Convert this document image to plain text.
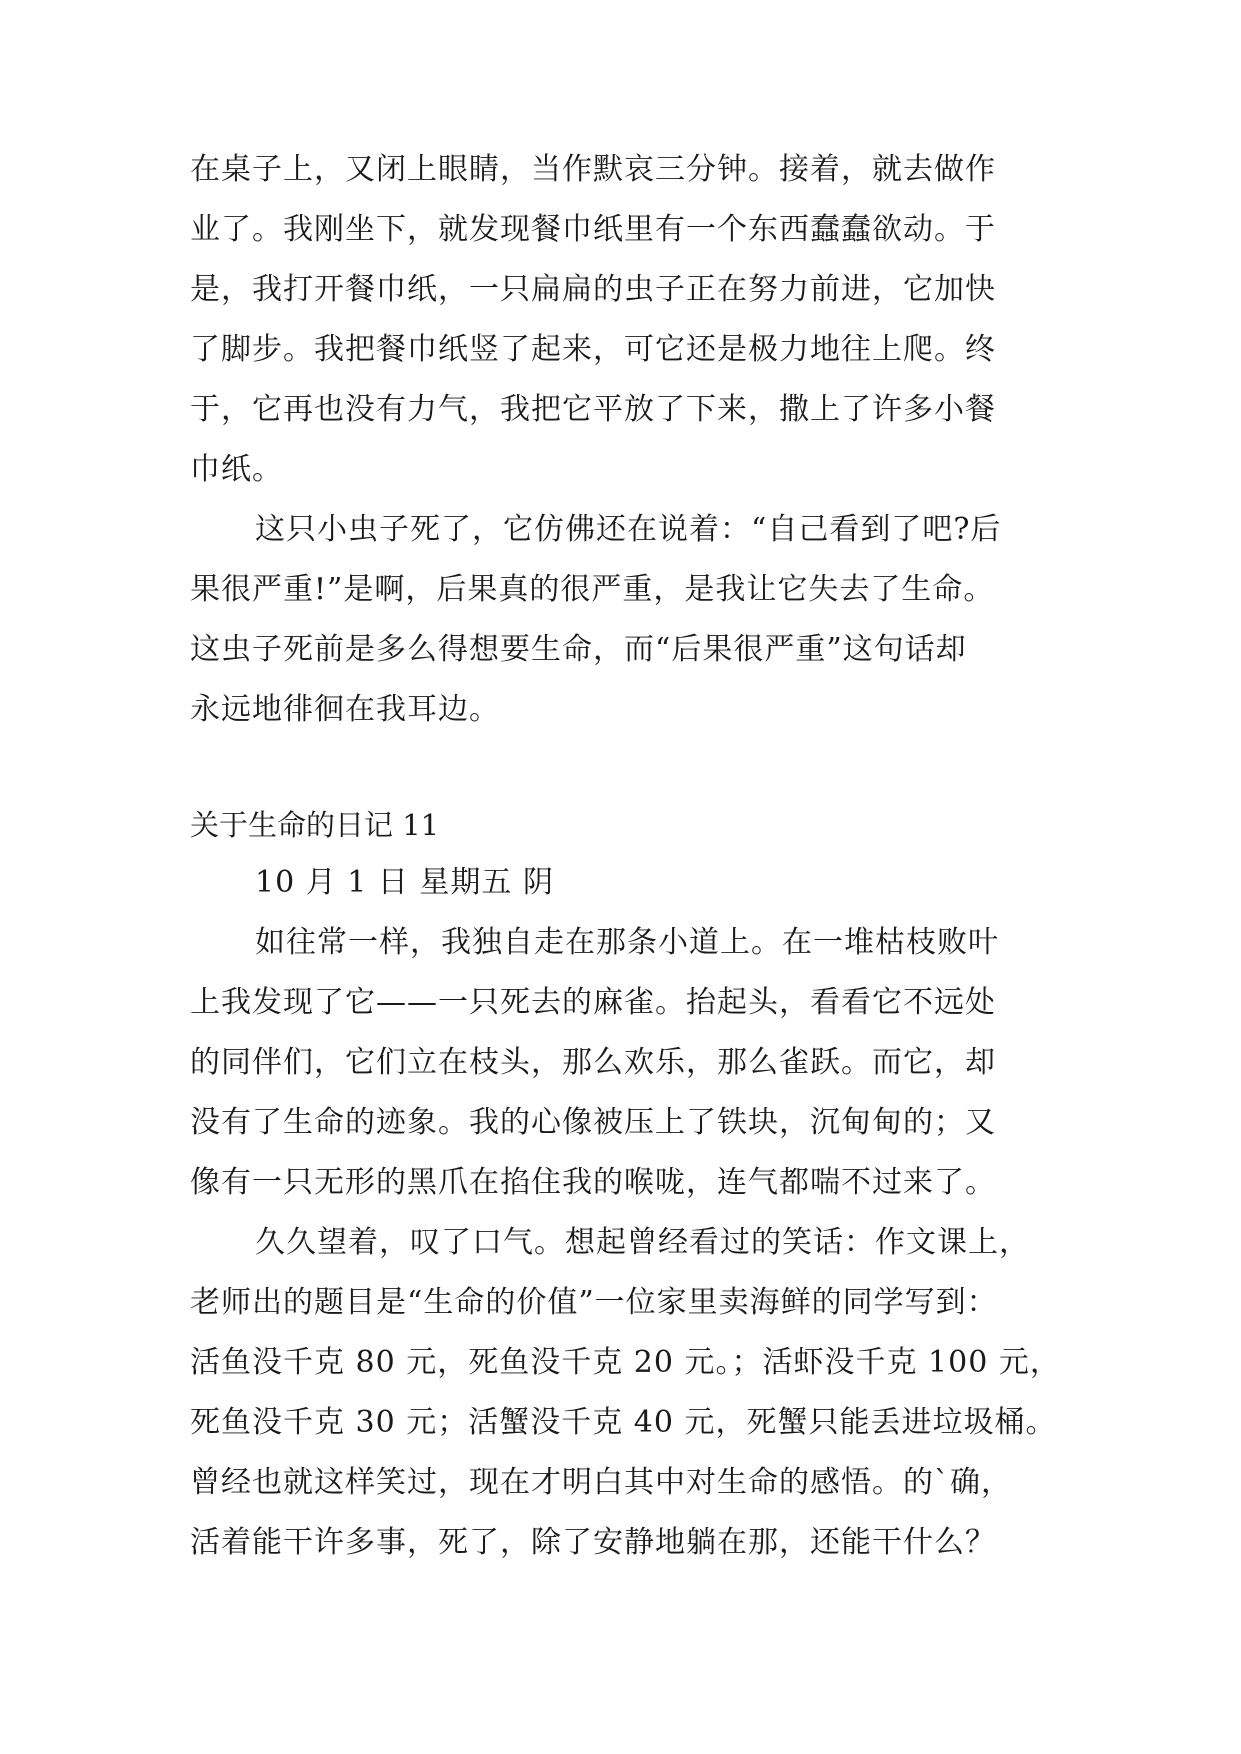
在桌子上，又闭上眼睛，当作默哀三分钟。接着，就去做作
业了。我刚坐下，就发现餐巾纸里有一个东西蠢蠢欲动。于
是，我打开餐巾纸，一只扁扁的虫子正在努力前进，它加快
了脚步。我把餐巾纸竖了起来，可它还是极力地往上爬。终
于，它再也没有力气，我把它平放了下来，撒上了许多小餐
巾纸。
这只小虫子死了，它仿佛还在说着：“自己看到了吧?后
果很严重!”是啊，后果真的很严重，是我让它失去了生命。
这虫子死前是多么得想要生命，而“后果很严重”这句话却
永远地徘徊在我耳边。
关于生命的日记 11
10 月 1 日 星期五 阴
如往常一样，我独自走在那条小道上。在一堆枯枝败叶
上我发现了它——一只死去的麻雀。抬起头，看看它不远处
的同伴们，它们立在枝头，那么欢乐，那么雀跃。而它，却
没有了生命的迹象。我的心像被压上了铁块，沉甸甸的；又
像有一只无形的黑爪在掐住我的喉咙，连气都喘不过来了。
久久望着，叹了口气。想起曾经看过的笑话：作文课上，
老师出的题目是“生命的价值”一位家里卖海鲜的同学写到：
活鱼没千克 80 元，死鱼没千克 20 元。；活虾没千克 100 元，
死鱼没千克 30 元；活蟹没千克 40 元，死蟹只能丢进垃圾桶。
曾经也就这样笑过，现在才明白其中对生命的感悟。的`确，
活着能干许多事，死了，除了安静地躺在那，还能干什么？
